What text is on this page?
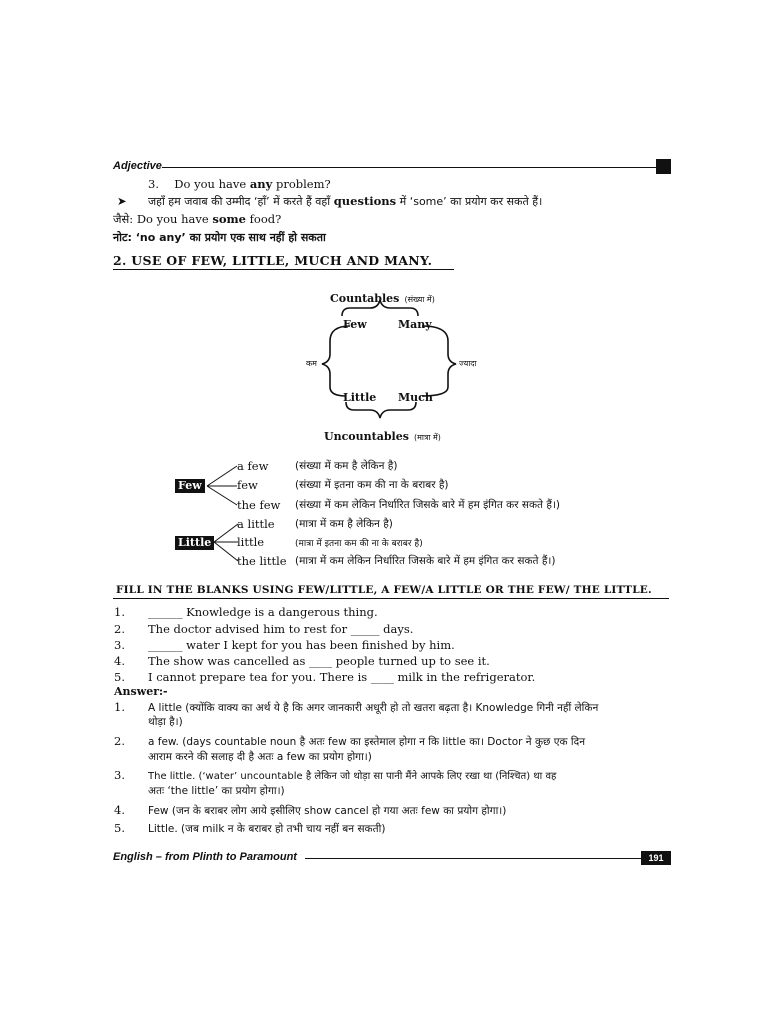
Adjective
3. Do you have any problem?
➤ जहाँ हम जवाब की उम्मीद ‘हाँ’ में करते हैं वहाँ questions में ‘some’ का प्रयोग कर सकते हैं।
जैसे: Do you have some food?
नोट: ‘no any’ का प्रयोग एक साथ नहीं हो सकता
2. USE OF FEW, LITTLE, MUCH AND MANY.
Countables (संख्या में)
Few	Many
कम	ज्यादा
Little Much
Uncountables (मात्रा में)
Few
a few	(संख्या में कम है लेकिन है)
few	(संख्या में इतना कम की ना के बराबर है)
the few (संख्या में कम लेकिन निर्धारित जिसके बारे में हम इंगित कर सकते हैं।)
Little
a little (मात्रा में कम है लेकिन है)
little	(मात्रा में इतना कम की ना के बराबर है)
the little (मात्रा में कम लेकिन निर्धारित जिसके बारे में हम इंगित कर सकते हैं।)
FILL IN THE BLANKS USING FEW/LITTLE, A FEW/A LITTLE OR THE FEW/ THE LITTLE.
1. ______ Knowledge is a dangerous thing.
2. The doctor advised him to rest for _____ days.
3. ______ water I kept for you has been finished by him.
4. The show was cancelled as ____ people turned up to see it.
5. I cannot prepare tea for you. There is ____ milk in the refrigerator.
Answer:-
1. A little (क्योंकि वाक्य का अर्थ ये है कि अगर जानकारी अधूरी हो तो खतरा बढ़ता है। Knowledge गिनी नहीं लेकिन
थोड़ा है।)
2. a few. (days countable noun है अतः few का इस्तेमाल होगा न कि little का। Doctor ने कुछ एक दिन
आराम करने की सलाह दी है अतः a few का प्रयोग होगा।)
3. The little. (‘water’ uncountable है लेकिन जो थोड़ा सा पानी मैंने आपके लिए रखा था (निश्चित) था वह
अतः ‘the little’ का प्रयोग होगा।)
4. Few (जन के बराबर लोग आये इसीलिए show cancel हो गया अतः few का प्रयोग होगा।)
5. Little. (जब milk न के बराबर हो तभी चाय नहीं बन सकती)
English – from Plinth to Paramount	191
